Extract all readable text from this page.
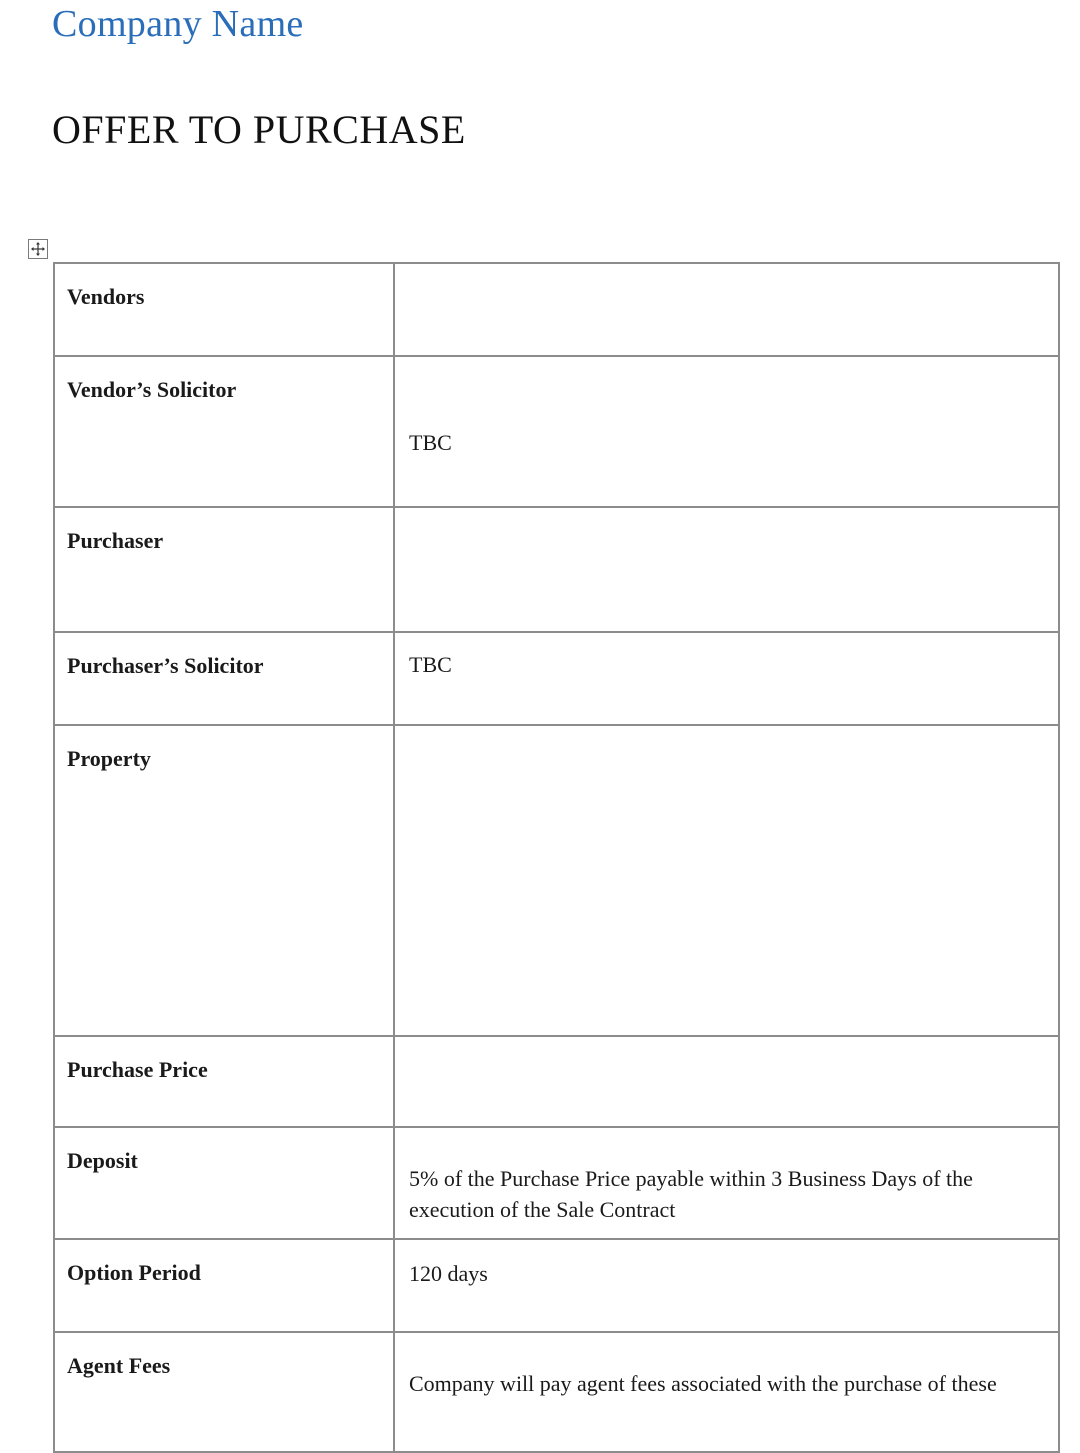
Company Name
OFFER TO PURCHASE
Vendors	

Vendor’s Solicitor	TBC

Purchaser	

Purchaser’s Solicitor	TBC

Property	

Purchase Price	

Deposit	5% of the Purchase Price payable within 3 Business Days of the execution of the Sale Contract

Option Period	120 days

Agent Fees	Company will pay agent fees associated with the purchase of these
